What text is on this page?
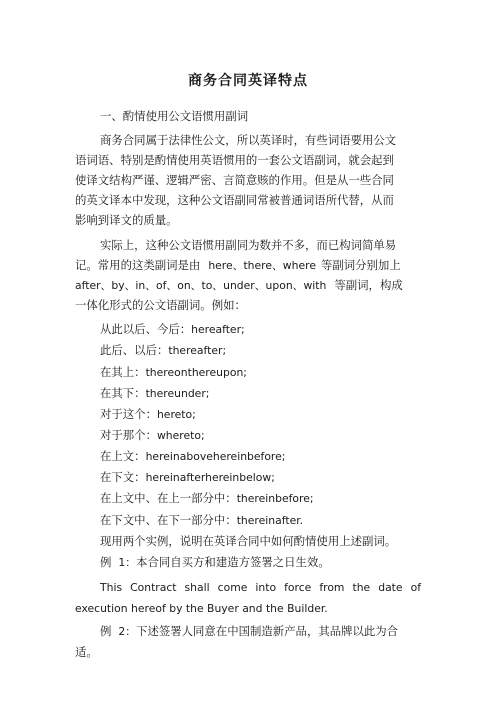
商务合同英译特点
一、酌情使用公文语惯用副词
商务合同属于法律性公文，所以英译时，有些词语要用公文
语词语、特别是酌情使用英语惯用的一套公文语副词，就会起到
使译文结构严谨、逻辑严密、言简意赅的作用。但是从一些合同
的英文译本中发现，这种公文语副同常被普通词语所代替，从而
影响到译文的质量。
实际上，这种公文语惯用副同为数并不多，而已构词简单易
记。常用的这类副词是由 here、there、where 等副词分别加上
after、by、in、of、on、to、under、upon、with 等副词，构成
一体化形式的公文语副词。例如：
从此以后、今后：hereafter;
此后、以后：thereafter;
在其上：thereonthereupon;
在其下：thereunder;
对于这个：hereto;
对于那个：whereto;
在上文：hereinabovehereinbefore;
在下文：hereinafterhereinbelow;
在上文中、在上一部分中：thereinbefore;
在下文中、在下一部分中：thereinafter.
现用两个实例，说明在英译合同中如何酌情使用上述副词。
例 1：本合同自买方和建造方签署之日生效。
This Contract shall come into force from the date of
execution hereof by the Buyer and the Builder.
例 2：下述签署人同意在中国制造新产品，其品牌以此为合
适。
